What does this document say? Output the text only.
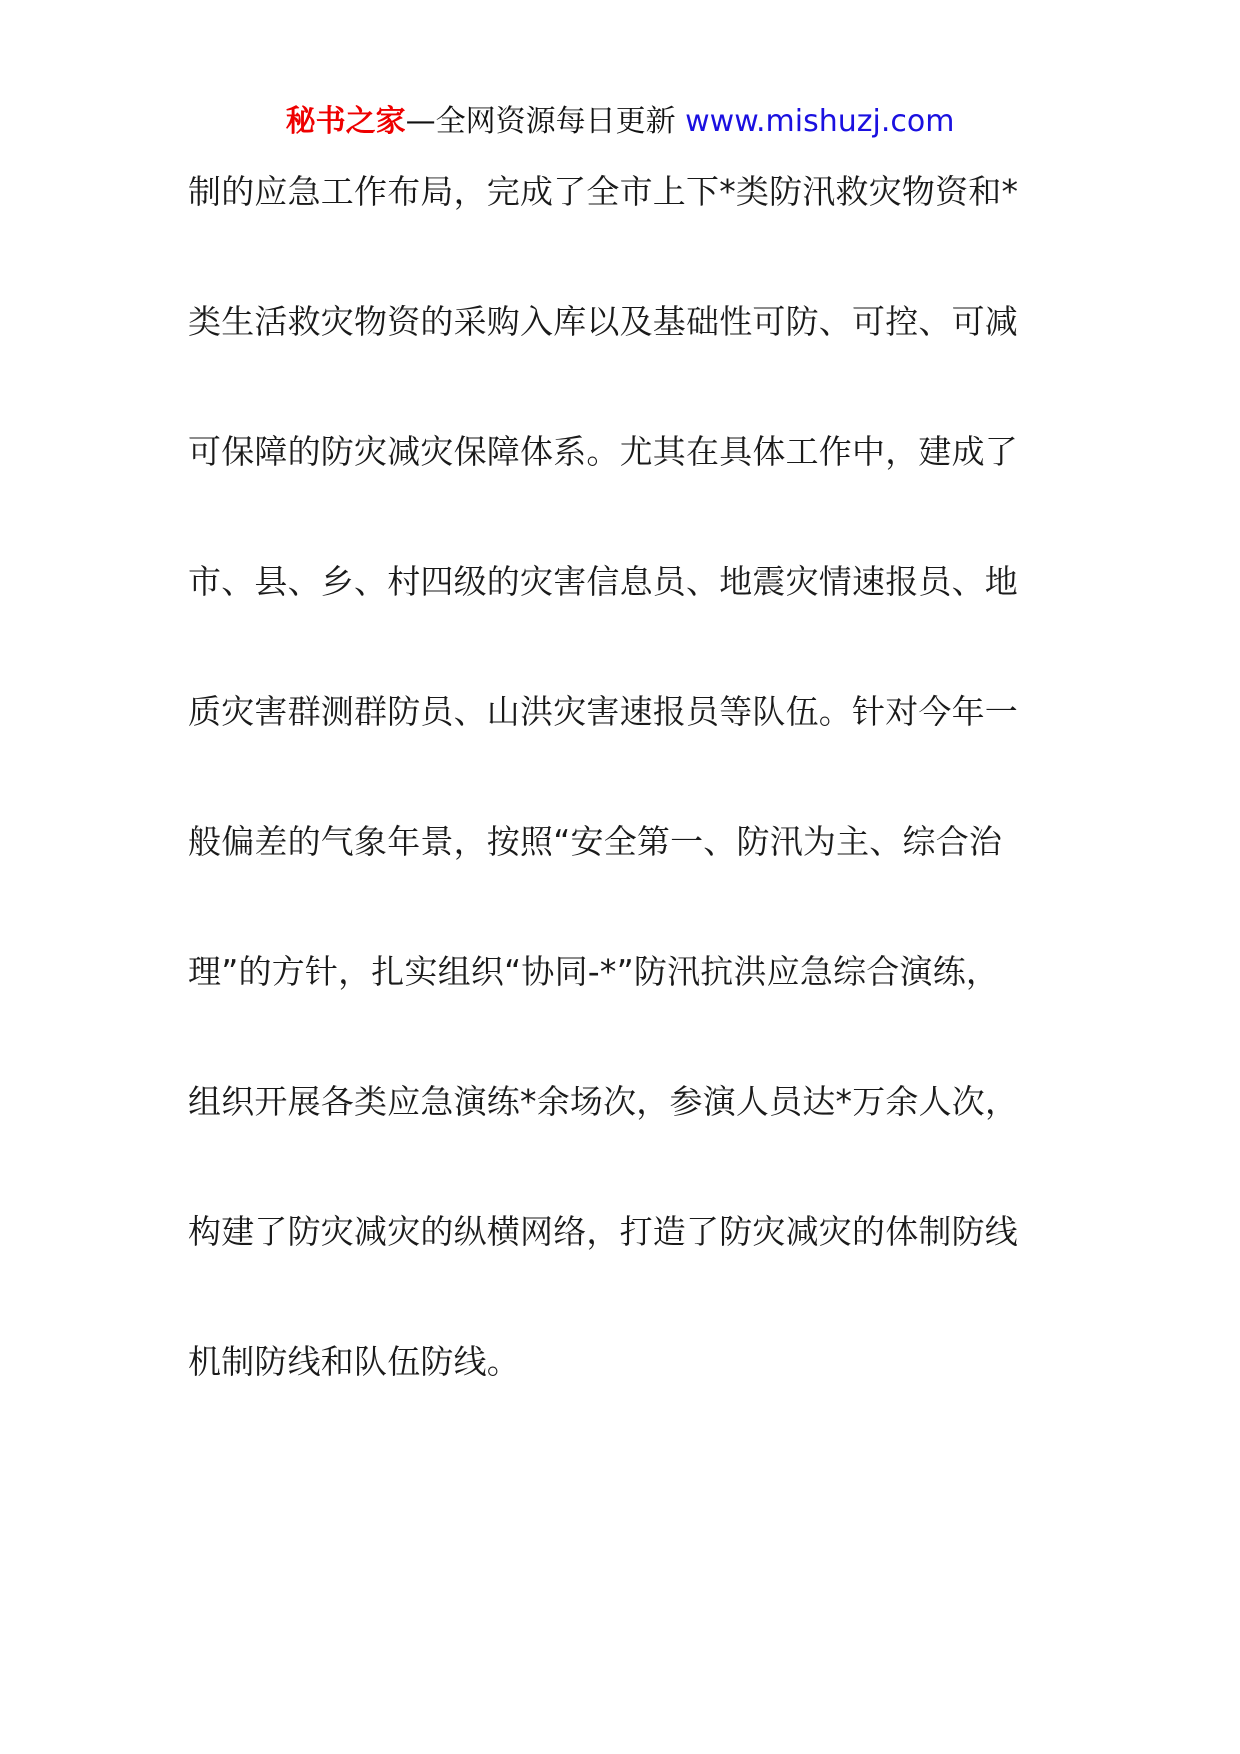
秘书之家—全网资源每日更新 www.mishuzj.com
制的应急工作布局，完成了全市上下*类防汛救灾物资和*
类生活救灾物资的采购入库以及基础性可防、可控、可减
可保障的防灾减灾保障体系。尤其在具体工作中，建成了
市、县、乡、村四级的灾害信息员、地震灾情速报员、地
质灾害群测群防员、山洪灾害速报员等队伍。针对今年一
般偏差的气象年景，按照“安全第一、防汛为主、综合治
理”的方针，扎实组织“协同-*”防汛抗洪应急综合演练，
组织开展各类应急演练*余场次，参演人员达*万余人次，
构建了防灾减灾的纵横网络，打造了防灾减灾的体制防线
机制防线和队伍防线。
